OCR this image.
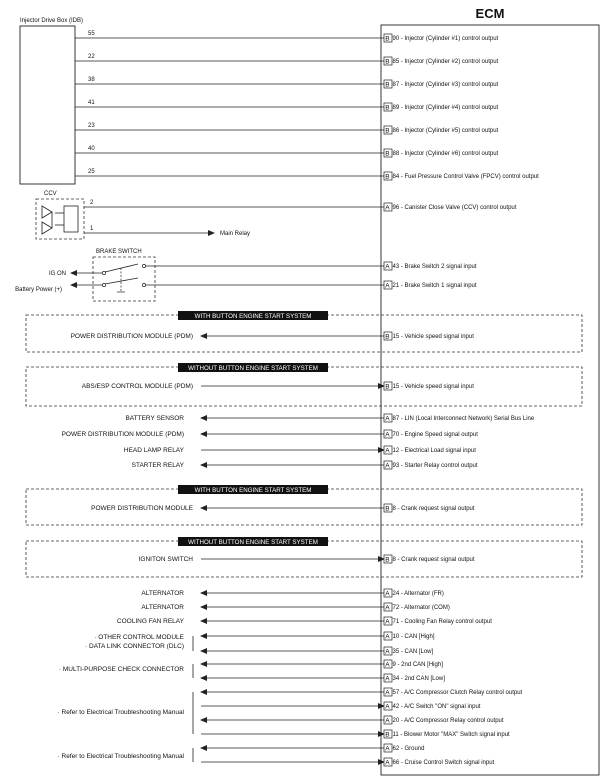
ECM
Injector Drive Box (IDB)
55
22
38
41
23
40
25
CCV
2
1
Main Relay
BRAKE SWITCH
IG ON
Battery Power (+)
WITH BUTTON ENGINE START SYSTEM
POWER DISTRIBUTION MODULE (PDM)
WITHOUT BUTTON ENGINE START SYSTEM
ABS/ESP CONTROL MODULE (PDM)
BATTERY SENSOR
POWER DISTRIBUTION MODULE (PDM)
HEAD LAMP RELAY
STARTER RELAY
WITH BUTTON ENGINE START SYSTEM
POWER DISTRIBUTION MODULE
WITHOUT BUTTON ENGINE START SYSTEM
IGNITON SWITCH
ALTERNATOR
ALTERNATOR
COOLING FAN RELAY
· OTHER CONTROL MODULE
· DATA LINK CONNECTOR (DLC)
· MULTI-PURPOSE CHECK CONNECTOR
· Refer to Electrical Troubleshooting Manual
· Refer to Electrical Troubleshooting Manual
B 90 - Injector (Cylinder #1) control output
B 85 - Injector (Cylinder #2) control output
B 87 - Injector (Cylinder #3) control output
B 89 - Injector (Cylinder #4) control output
B 86 - Injector (Cylinder #5) control output
B 88 - Injector (Cylinder #6) control output
B 84 - Fuel Pressure Control Valve (FPCV) control output
A 96 - Canister Close Valve (CCV) control output
A 43 - Brake Switch 2 signal input
A 21 - Brake Switch 1 signal input
B 15 - Vehicle speed signal input
B 15 - Vehicle speed signal input
A 87 - LIN (Local Interconnect Network) Serial Bus Line
A 70 - Engine Speed signal output
A 12 - Electrical Load signal input
A 93 - Starter Relay control output
B 8 - Crank request signal output
B 8 - Crank request signal output
A 24 - Alternator (FR)
A 72 - Alternator (COM)
A 71 - Cooling Fan Relay control output
A 10 - CAN [High]
A 35 - CAN [Low]
A 9 - 2nd CAN [High]
A 34 - 2nd CAN [Low]
A 57 - A/C Compressor Clutch Relay control output
A 42 - A/C Switch "ON" signal input
A 20 - A/C Compressor Relay control output
B 11 - Blower Motor "MAX" Switch signal input
A 62 - Ground
A 66 - Cruise Control Switch signal input
